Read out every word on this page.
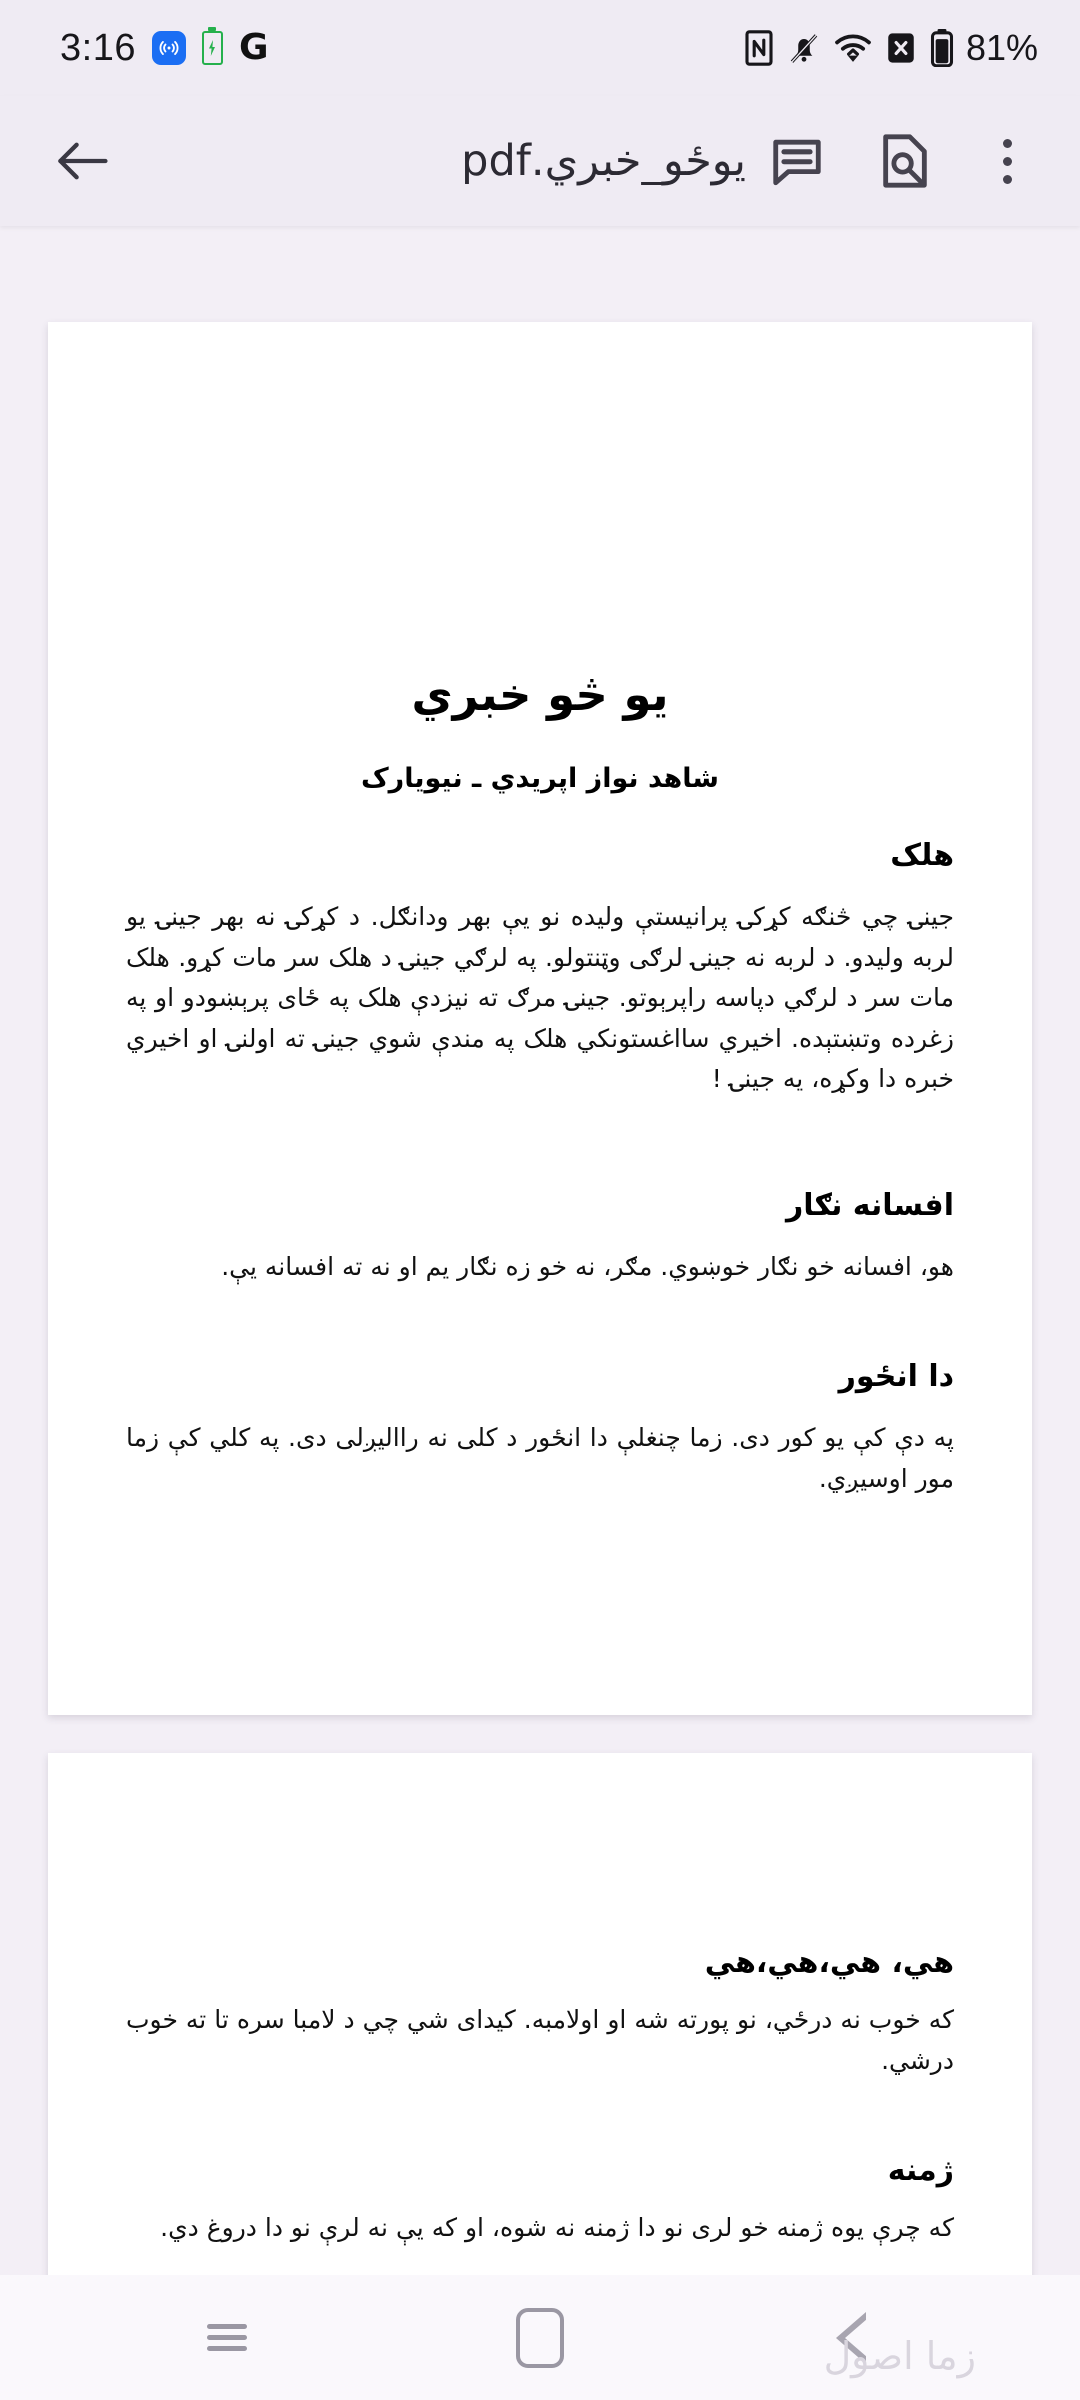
3:16	G	81%
یوځو_خبري.pdf
یو څو خبري
شاهد نواز اپریدي ـ نیویارک
هلک
جینۍ چي څنګه کړکۍ پرانیستې ولیده نو یې بهر ودانګل. د کړکۍ نه بهر جینۍ یو لربه ولیدو. د لربه نه جینۍ لرګی وټنتولو. په لرګي جینۍ د هلک سر مات کړو. هلک مات سر د لرګي دپاسه راپرېوتو. جینۍ مرګ ته نیزدې هلک په ځای پرېښودو او په زغرده وتښتېده. اخیري سااغستونکي هلک په مندې شوي جینۍ ته اولنۍ او اخیري خبره دا وکړه، یه جینۍ !
افسانه نګار
هو، افسانه خو نګار خوښوي. مګر، نه خو زه نګار یم او نه ته افسانه یې.
دا انځور
په دې کې یو کور دی. زما چنغلې دا انځور د کلی نه راالیږلی دی. په کلي کې زما مور اوسیږي.
هي، هي،هي،هي
که خوب نه درځي، نو پورته شه او اولامبه. کیدای شي چي د لامبا سره تا ته خوب درشي.
ژمنه
که چرې یوه ژمنه خو لری نو دا ژمنه نه شوه، او که یې نه لرې نو دا دروغ دي.
زما اصول
